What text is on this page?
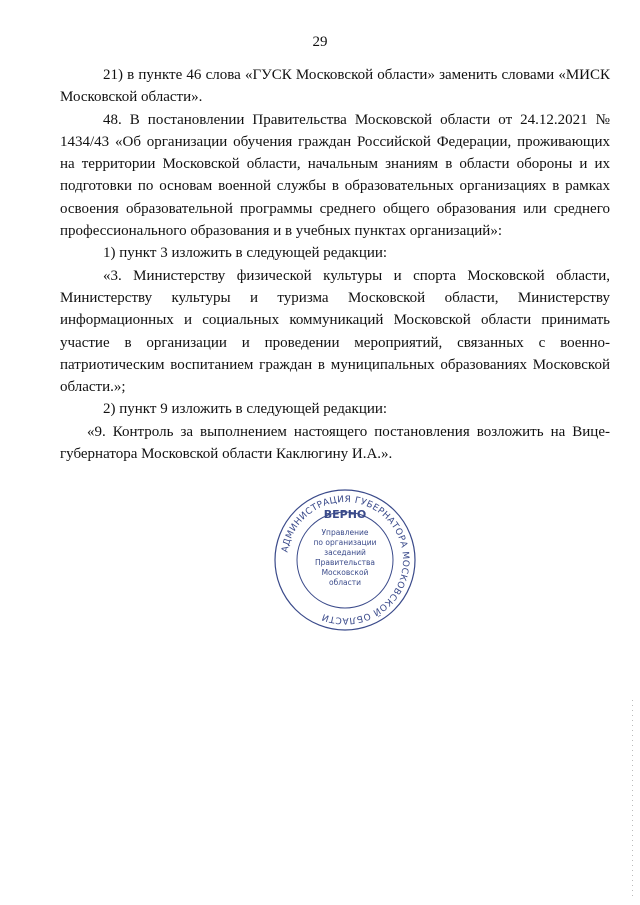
29

21) в пункте 46 слова «ГУСК Московской области» заменить словами «МИСК Московской области».

48. В постановлении Правительства Московской области от 24.12.2021 № 1434/43 «Об организации обучения граждан Российской Федерации, проживающих на территории Московской области, начальным знаниям в области обороны и их подготовки по основам военной службы в образовательных организациях в рамках освоения образовательной программы среднего общего образования или среднего профессионального образования и в учебных пунктах организаций»:

1) пункт 3 изложить в следующей редакции:

«3. Министерству физической культуры и спорта Московской области, Министерству культуры и туризма Московской области, Министерству информационных и социальных коммуникаций Московской области принимать участие в организации и проведении мероприятий, связанных с военно-патриотическим воспитанием граждан в муниципальных образованиях Московской области.»;

2) пункт 9 изложить в следующей редакции:

«9. Контроль за выполнением настоящего постановления возложить на Вице-губернатора Московской области Каклюгину И.А.».

АДМИНИСТРАЦИЯ ГУБЕРНАТОРА МОСКОВСКОЙ ОБЛАСТИ
ВЕРНО
Управление
по организации
заседаний
Правительства
Московской
области
